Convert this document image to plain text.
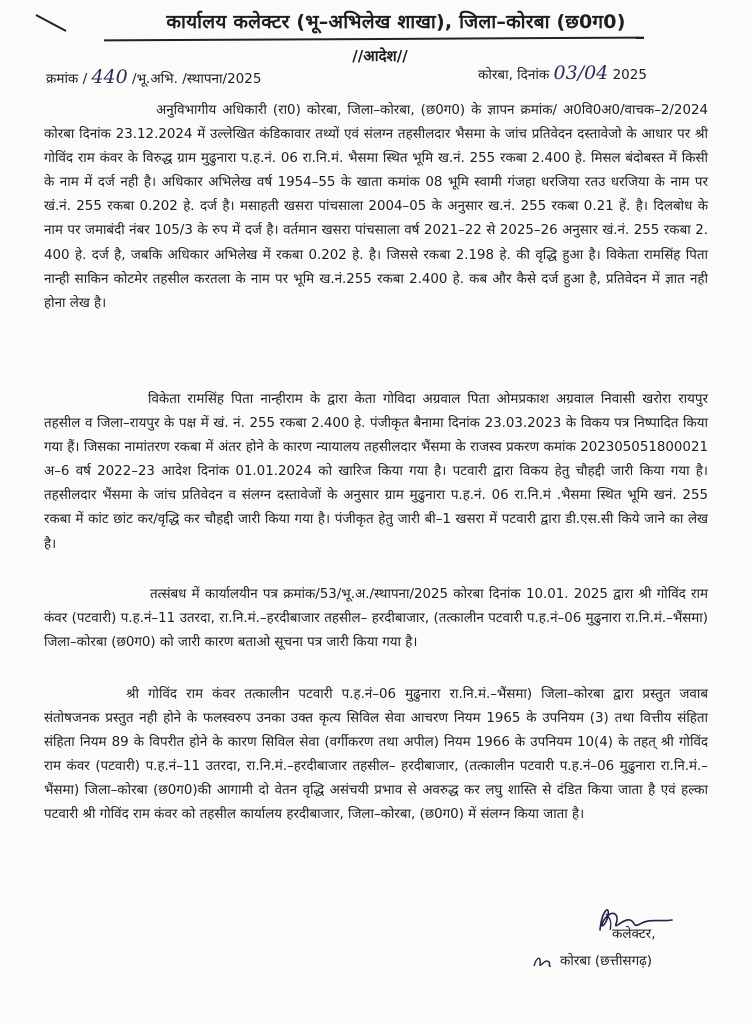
कार्यालय कलेक्टर (भू–अभिलेख शाखा), जिला–कोरबा (छ0ग0)
//आदेश//
क्रमांक / 440 /भू.अभि. /स्थापना/2025	कोरबा, दिनांक 03/04 2025

अनुविभागीय अधिकारी (रा0) कोरबा, जिला–कोरबा, (छ0ग0) के ज्ञापन क्रमांक/ अ0वि0अ0/वाचक–2/2024 कोरबा दिनांक 23.12.2024 में उल्लेखित कंडिकावार तथ्यों एवं संलग्न तहसीलदार भैसमा के जांच प्रतिवेदन दस्तावेजो के आधार पर श्री गोविंद राम कंवर के विरुद्ध ग्राम मुढुनारा प.ह.नं. 06 रा.नि.मं. भैसमा स्थित भूमि ख.नं. 255 रकबा 2.400 हे. मिसल बंदोबस्त में किसी के नाम में दर्ज नही है। अधिकार अभिलेख वर्ष 1954–55 के खाता कमांक 08 भूमि स्वामी गंजहा धरजिया रतउ धरजिया के नाम पर खं.नं. 255 रकबा 0.202 हे. दर्ज है। मसाहती खसरा पांचसाला 2004–05 के अनुसार ख.नं. 255 रकबा 0.21 हें. है। दिलबोध के नाम पर जमाबंदी नंबर 105/3 के रुप में दर्ज है। वर्तमान खसरा पांचसाला वर्ष 2021–22 से 2025–26 अनुसार खं.नं. 255 रकबा 2. 400 हे. दर्ज है, जबकि अधिकार अभिलेख में रकबा 0.202 हे. है। जिससे रकबा 2.198 हे. की वृद्धि हुआ है। विकेता रामसिंह पिता नान्ही साकिन कोटमेर तहसील करतला के नाम पर भूमि ख.नं.255 रकबा 2.400 हे. कब और कैसे दर्ज हुआ है, प्रतिवेदन में ज्ञात नही होना लेख है।

विकेता रामसिंह पिता नान्हीराम के द्वारा केता गोविदा अग्रवाल पिता ओमप्रकाश अग्रवाल निवासी खरोरा रायपुर तहसील व जिला–रायपुर के पक्ष में खं. नं. 255 रकबा 2.400 हे. पंजीकृत बैनामा दिनांक 23.03.2023 के विकय पत्र निष्पादित किया गया हैं। जिसका नामांतरण रकबा में अंतर होने के कारण न्यायालय तहसीलदार भैंसमा के राजस्व प्रकरण कमांक 202305051800021 अ–6 वर्ष 2022–23 आदेश दिनांक 01.01.2024 को खारिज किया गया है। पटवारी द्वारा विकय हेतु चौहद्दी जारी किया गया है। तहसीलदार भैंसमा के जांच प्रतिवेदन व संलग्न दस्तावेजों के अनुसार ग्राम मुढुनारा प.ह.नं. 06 रा.नि.मं .भैसमा स्थित भूमि खनं. 255 रकबा में कांट छांट कर/वृद्धि कर चौहद्दी जारी किया गया है। पंजीकृत हेतु जारी बी–1 खसरा में पटवारी द्वारा डी.एस.सी किये जाने का लेख है।

तत्संबध में कार्यालयीन पत्र क्रमांक/53/भू.अ./स्थापना/2025 कोरबा दिनांक 10.01. 2025 द्वारा श्री गोविंद राम कंवर (पटवारी) प.ह.नं–11 उतरदा, रा.नि.मं.–हरदीबाजार तहसील– हरदीबाजार, (तत्कालीन पटवारी प.ह.नं–06 मुढुनारा रा.नि.मं.–भैंसमा) जिला–कोरबा (छ0ग0) को जारी कारण बताओ सूचना पत्र जारी किया गया है।

श्री गोविंद राम कंवर तत्कालीन पटवारी प.ह.नं–06 मुढुनारा रा.नि.मं.–भैंसमा) जिला–कोरबा द्वारा प्रस्तुत जवाब संतोषजनक प्रस्तुत नही होने के फलस्वरुप उनका उक्त कृत्य सिविल सेवा आचरण नियम 1965 के उपनियम (3) तथा वित्तीय संहिता संहिता नियम 89 के विपरीत होने के कारण सिविल सेवा (वर्गीकरण तथा अपील) नियम 1966 के उपनियम 10(4) के तहत् श्री गोविंद राम कंवर (पटवारी) प.ह.नं–11 उतरदा, रा.नि.मं.–हरदीबाजार तहसील– हरदीबाजार, (तत्कालीन पटवारी प.ह.नं–06 मुढुनारा रा.नि.मं.–भैंसमा) जिला–कोरबा (छ0ग0)की आगामी दो वेतन वृद्धि असंचयी प्रभाव से अवरुद्ध कर लघु शास्ति से दंडित किया जाता है एवं हल्का पटवारी श्री गोविंद राम कंवर को तहसील कार्यालय हरदीबाजार, जिला–कोरबा, (छ0ग0) में संलग्न किया जाता है।

कलेक्टर,
कोरबा (छत्तीसगढ़)
